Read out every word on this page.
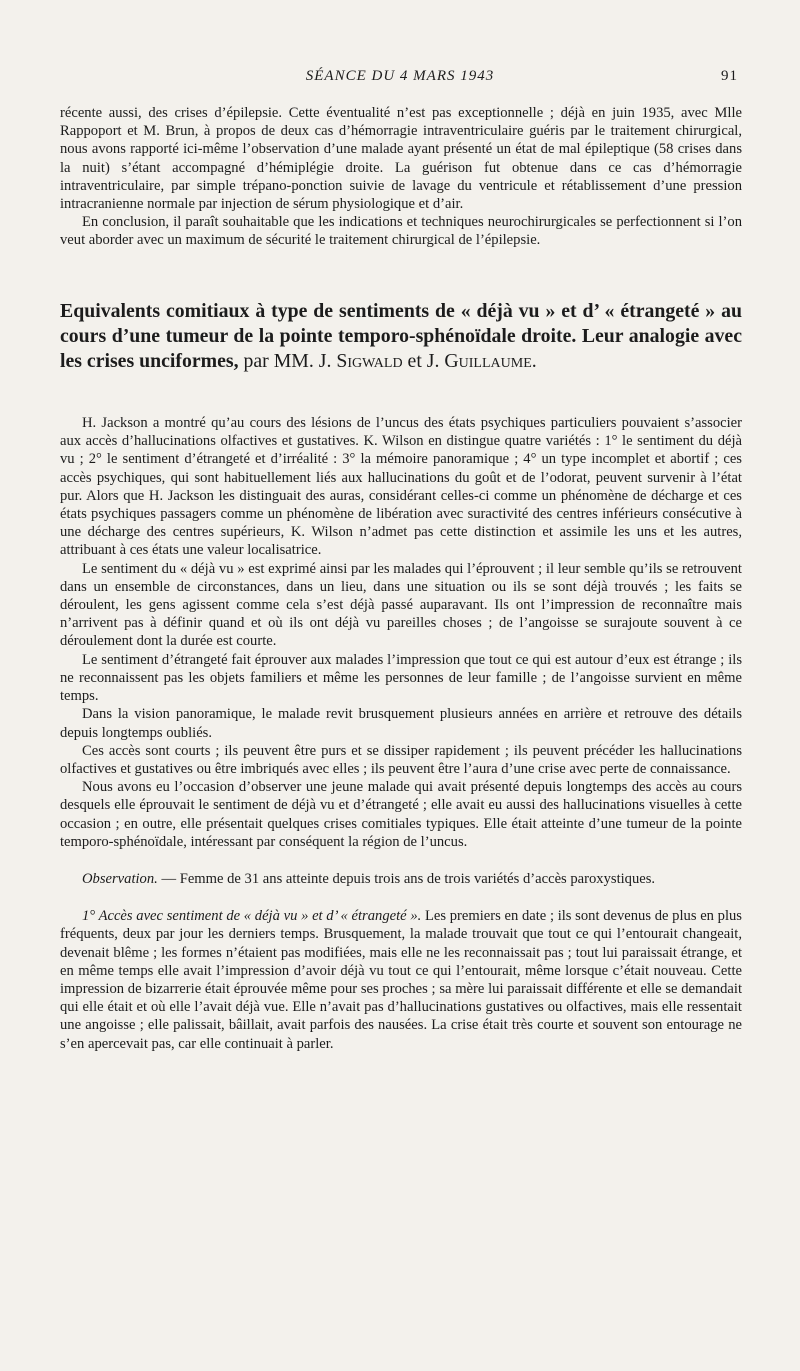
SÉANCE DU 4 MARS 1943	91

récente aussi, des crises d’épilepsie. Cette éventualité n’est pas exceptionnelle ; déjà en juin 1935, avec Mlle Rappoport et M. Brun, à propos de deux cas d’hémorragie intraventriculaire guéris par le traitement chirurgical, nous avons rapporté ici-même l’observation d’une malade ayant présenté un état de mal épileptique (58 crises dans la nuit) s’étant accompagné d’hémiplégie droite. La guérison fut obtenue dans ce cas d’hémorragie intraventriculaire, par simple trépano-ponction suivie de lavage du ventricule et rétablissement d’une pression intracranienne normale par injection de sérum physiologique et d’air.

En conclusion, il paraît souhaitable que les indications et techniques neurochirurgicales se perfectionnent si l’on veut aborder avec un maximum de sécurité le traitement chirurgical de l’épilepsie.

Equivalents comitiaux à type de sentiments de « déjà vu » et d’ « étrangeté » au cours d’une tumeur de la pointe temporo-sphénoïdale droite. Leur analogie avec les crises unciformes, par MM. J. Sigwald et J. Guillaume.

H. Jackson a montré qu’au cours des lésions de l’uncus des états psychiques particuliers pouvaient s’associer aux accès d’hallucinations olfactives et gustatives. K. Wilson en distingue quatre variétés : 1° le sentiment du déjà vu ; 2° le sentiment d’étrangeté et d’irréalité : 3° la mémoire panoramique ; 4° un type incomplet et abortif ; ces accès psychiques, qui sont habituellement liés aux hallucinations du goût et de l’odorat, peuvent survenir à l’état pur. Alors que H. Jackson les distinguait des auras, considérant celles-ci comme un phénomène de décharge et ces états psychiques passagers comme un phénomène de libération avec suractivité des centres inférieurs consécutive à une décharge des centres supérieurs, K. Wilson n’admet pas cette distinction et assimile les uns et les autres, attribuant à ces états une valeur localisatrice.

Le sentiment du « déjà vu » est exprimé ainsi par les malades qui l’éprouvent ; il leur semble qu’ils se retrouvent dans un ensemble de circonstances, dans un lieu, dans une situation ou ils se sont déjà trouvés ; les faits se déroulent, les gens agissent comme cela s’est déjà passé auparavant. Ils ont l’impression de reconnaître mais n’arrivent pas à définir quand et où ils ont déjà vu pareilles choses ; de l’angoisse se surajoute souvent à ce déroulement dont la durée est courte.

Le sentiment d’étrangeté fait éprouver aux malades l’impression que tout ce qui est autour d’eux est étrange ; ils ne reconnaissent pas les objets familiers et même les personnes de leur famille ; de l’angoisse survient en même temps.

Dans la vision panoramique, le malade revit brusquement plusieurs années en arrière et retrouve des détails depuis longtemps oubliés.

Ces accès sont courts ; ils peuvent être purs et se dissiper rapidement ; ils peuvent précéder les hallucinations olfactives et gustatives ou être imbriqués avec elles ; ils peuvent être l’aura d’une crise avec perte de connaissance.

Nous avons eu l’occasion d’observer une jeune malade qui avait présenté depuis longtemps des accès au cours desquels elle éprouvait le sentiment de déjà vu et d’étrangeté ; elle avait eu aussi des hallucinations visuelles à cette occasion ; en outre, elle présentait quelques crises comitiales typiques. Elle était atteinte d’une tumeur de la pointe temporo-sphénoïdale, intéressant par conséquent la région de l’uncus.

Observation. — Femme de 31 ans atteinte depuis trois ans de trois variétés d’accès paroxystiques.

1° Accès avec sentiment de « déjà vu » et d’ « étrangeté ». Les premiers en date ; ils sont devenus de plus en plus fréquents, deux par jour les derniers temps. Brusquement, la malade trouvait que tout ce qui l’entourait changeait, devenait blême ; les formes n’étaient pas modifiées, mais elle ne les reconnaissait pas ; tout lui paraissait étrange, et en même temps elle avait l’impression d’avoir déjà vu tout ce qui l’entourait, même lorsque c’était nouveau. Cette impression de bizarrerie était éprouvée même pour ses proches ; sa mère lui paraissait différente et elle se demandait qui elle était et où elle l’avait déjà vue. Elle n’avait pas d’hallucinations gustatives ou olfactives, mais elle ressentait une angoisse ; elle palissait, bâillait, avait parfois des nausées. La crise était très courte et souvent son entourage ne s’en apercevait pas, car elle continuait à parler.
